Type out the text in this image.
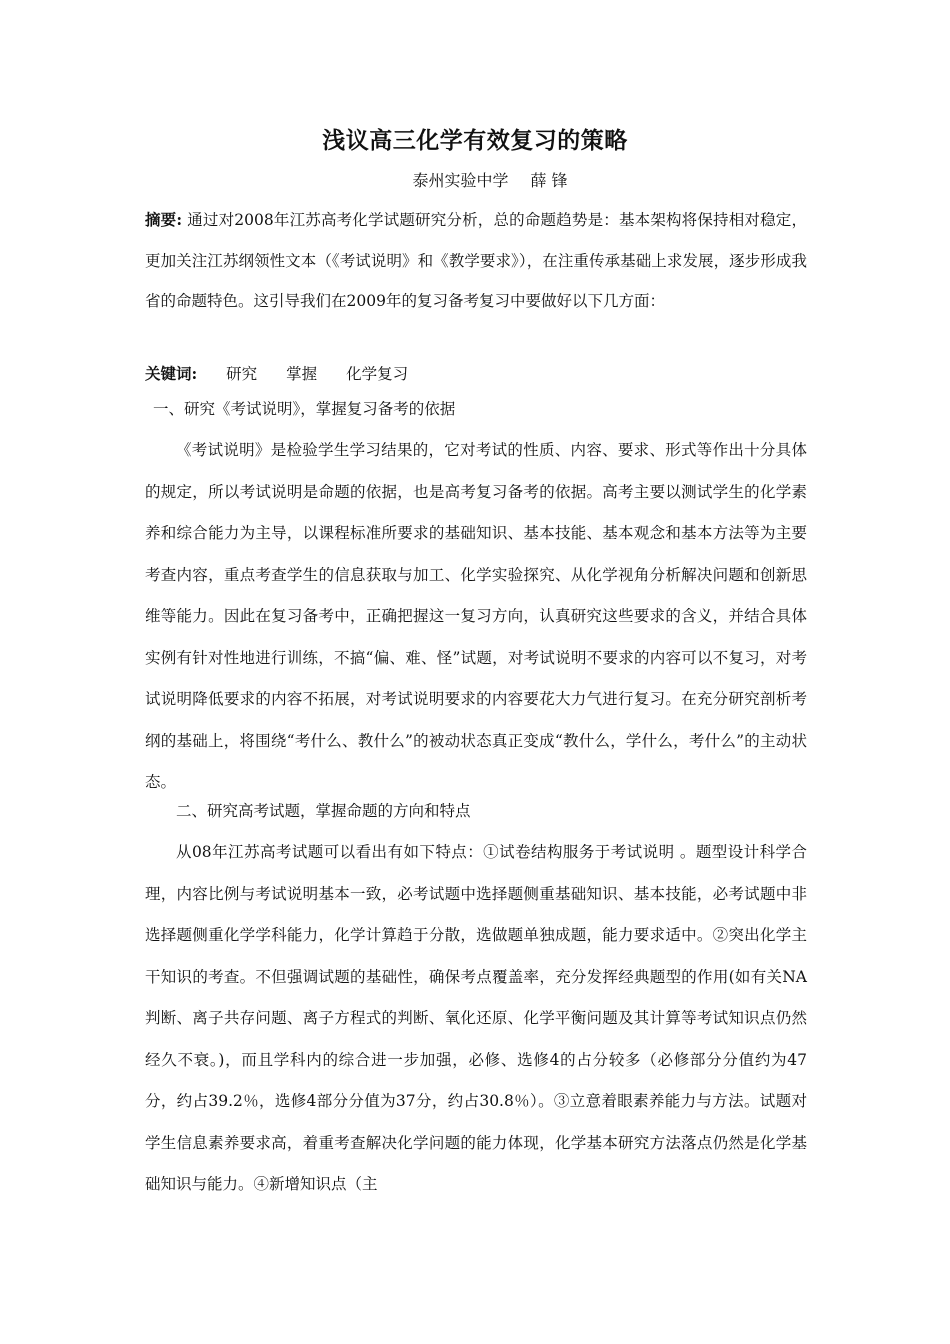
浅议高三化学有效复习的策略
泰州实验中学 薛 锋
摘要: 通过对2008年江苏高考化学试题研究分析，总的命题趋势是：基本架构将保持相对稳定，更加关注江苏纲领性文本（《考试说明》和《教学要求》），在注重传承基础上求发展，逐步形成我省的命题特色。这引导我们在2009年的复习备考复习中要做好以下几方面：
关键词: 研究 掌握 化学复习
一、研究《考试说明》，掌握复习备考的依据
《考试说明》是检验学生学习结果的，它对考试的性质、内容、要求、形式等作出十分具体的规定，所以考试说明是命题的依据，也是高考复习备考的依据。高考主要以测试学生的化学素养和综合能力为主导，以课程标准所要求的基础知识、基本技能、基本观念和基本方法等为主要考查内容，重点考查学生的信息获取与加工、化学实验探究、从化学视角分析解决问题和创新思维等能力。因此在复习备考中，正确把握这一复习方向，认真研究这些要求的含义，并结合具体实例有针对性地进行训练，不搞“偏、难、怪”试题，对考试说明不要求的内容可以不复习，对考试说明降低要求的内容不拓展，对考试说明要求的内容要花大力气进行复习。在充分研究剖析考纲的基础上，将围绕“考什么、教什么”的被动状态真正变成“教什么，学什么，考什么”的主动状态。
二、研究高考试题，掌握命题的方向和特点
从08年江苏高考试题可以看出有如下特点：①试卷结构服务于考试说明 。题型设计科学合理，内容比例与考试说明基本一致，必考试题中选择题侧重基础知识、基本技能，必考试题中非选择题侧重化学学科能力，化学计算趋于分散，选做题单独成题，能力要求适中。②突出化学主干知识的考查。不但强调试题的基础性，确保考点覆盖率，充分发挥经典题型的作用(如有关NA判断、离子共存问题、离子方程式的判断、氧化还原、化学平衡问题及其计算等考试知识点仍然经久不衰。)，而且学科内的综合进一步加强，必修、选修4的占分较多（必修部分分值约为47分，约占39.2％，选修4部分分值为37分，约占30.8％）。③立意着眼素养能力与方法。试题对学生信息素养要求高，着重考查解决化学问题的能力体现，化学基本研究方法落点仍然是化学基础知识与能力。④新增知识点（主
